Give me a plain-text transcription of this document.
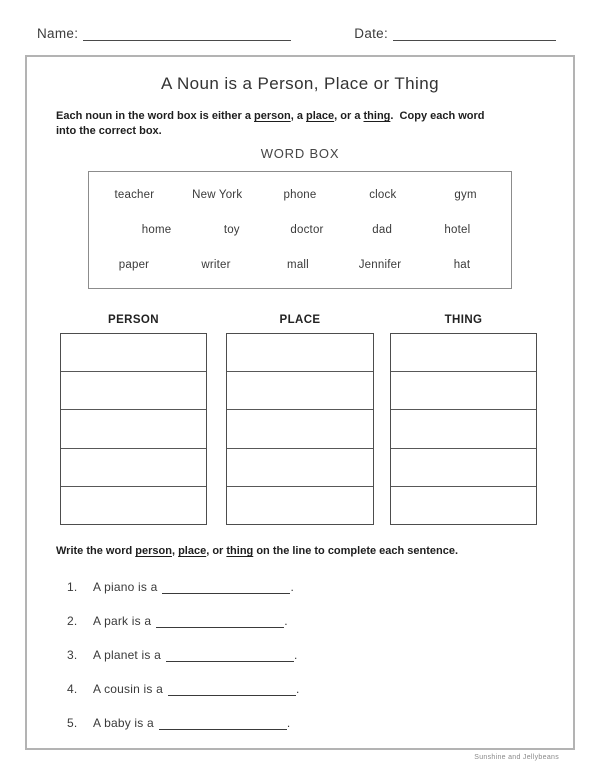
Name:	Date:
A Noun is a Person, Place or Thing
Each noun in the word box is either a person, a place, or a thing.  Copy each word
into the correct box.
WORD BOX
teacher	New York	phone	clock	gym
home	toy	doctor	dad	hotel
paper	writer	mall	Jennifer	hat
PERSON	PLACE	THING
Write the word person, place, or thing on the line to complete each sentence.
1.	A piano is a	.
2.	A park is a	.
3.	A planet is a	.
4.	A cousin is a	.
5.	A baby is a	.
Sunshine and Jellybeans
